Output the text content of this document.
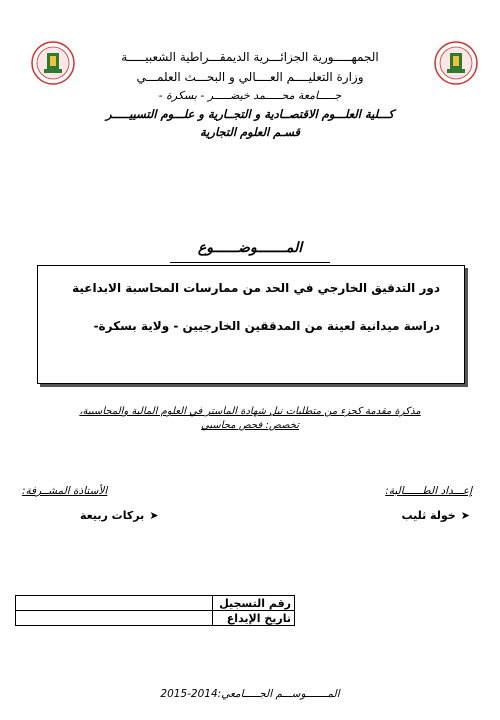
الجمهـــــورية الجزائـــرية الديمقـــراطية الشعبيـــــة
وزارة التعليــــم العــــالي و البحـــث العلمـــي
جـــــامعة محـــــمد خيضـــــر - بسكرة -
كـــلية العلـــوم الاقتصــادية و التجــارية و علـــوم التسييـــــر
قسـم العلوم التجارية
المـــــــوضــــــوع
دور التدقيق الخارجي في الحد من ممارسات المحاسبة الابداعية
دراسة ميدانية لعينة من المدققين الخارجيين - ولاية بسكرة-
مذكرة مقدمة كجزء من متطلبات نيل شهادة الماستر في العلوم المالية والمحاسبية،
تخصص: فحص محاسبي
إعـــداد الطــــــالبة:
➤ خولة ثليب
الأستاذة المشــرفة:
➤ بركات ربيعة
	رقم التسجيل
	تاريخ الإيداع
المـــــــوســـم الجـــــامعي:2014-2015
